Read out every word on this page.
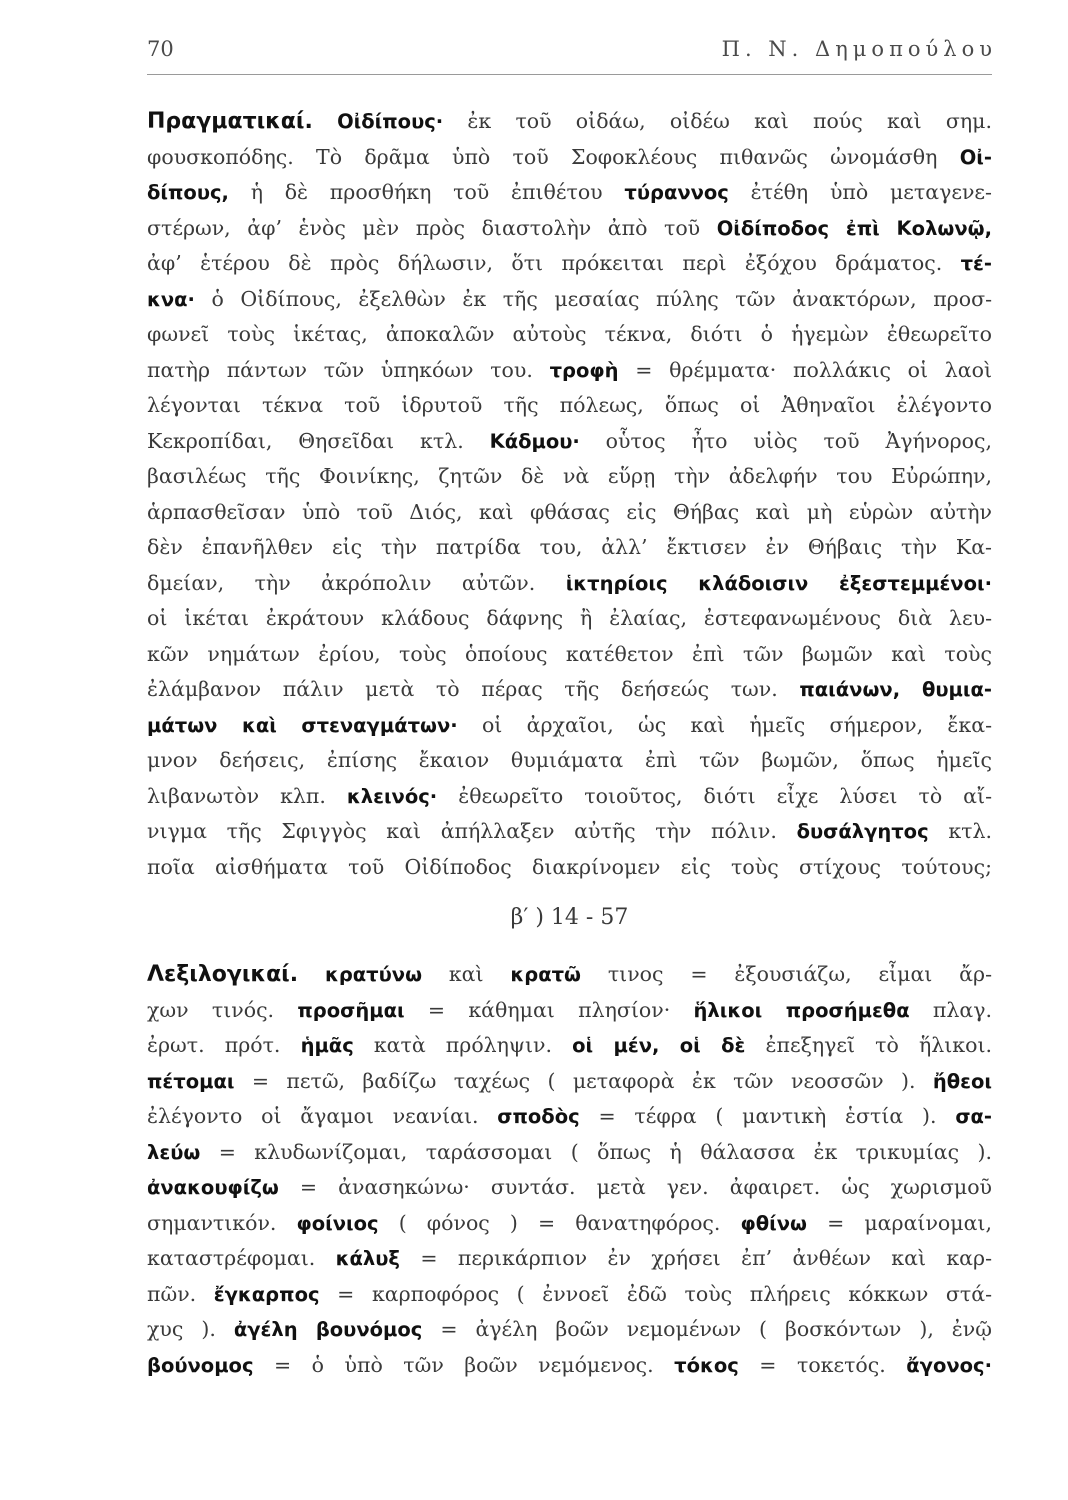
70	Π. Ν. Δημοπούλου
Πραγματικαί. Οἰδίπους· ἐκ τοῦ οἰδάω, οἰδέω καὶ πούς καὶ σημ.
φουσκοπόδης. Τὸ δρᾶμα ὑπὸ τοῦ Σοφοκλέους πιθανῶς ὠνομάσθη Οἰ-
δίπους, ἡ δὲ προσθήκη τοῦ ἐπιθέτου τύραννος ἐτέθη ὑπὸ μεταγενε-
στέρων, ἀφ’ ἑνὸς μὲν πρὸς διαστολὴν ἀπὸ τοῦ Οἰδίποδος ἐπὶ Κολωνῷ,
ἀφ’ ἑτέρου δὲ πρὸς δήλωσιν, ὅτι πρόκειται περὶ ἐξόχου δράματος. τέ-
κνα· ὁ Οἰδίπους, ἐξελθὼν ἐκ τῆς μεσαίας πύλης τῶν ἀνακτόρων, προσ-
φωνεῖ τοὺς ἱκέτας, ἀποκαλῶν αὐτοὺς τέκνα, διότι ὁ ἡγεμὼν ἐθεωρεῖτο
πατὴρ πάντων τῶν ὑπηκόων του. τροφὴ = θρέμματα· πολλάκις οἱ λαοὶ
λέγονται τέκνα τοῦ ἱδρυτοῦ τῆς πόλεως, ὅπως οἱ Ἀθηναῖοι ἐλέγοντο
Κεκροπίδαι, Θησεῖδαι κτλ. Κάδμου· οὗτος ἦτο υἱὸς τοῦ Ἀγήνορος,
βασιλέως τῆς Φοινίκης, ζητῶν δὲ νὰ εὕρῃ τὴν ἀδελφήν του Εὐρώπην,
ἁρπασθεῖσαν ὑπὸ τοῦ Διός, καὶ φθάσας εἰς Θήβας καὶ μὴ εὑρὼν αὐτὴν
δὲν ἐπανῆλθεν εἰς τὴν πατρίδα του, ἀλλ’ ἔκτισεν ἐν Θήβαις τὴν Κα-
δμείαν, τὴν ἀκρόπολιν αὐτῶν. ἱκτηρίοις κλάδοισιν ἐξεστεμμένοι·
οἱ ἱκέται ἐκράτουν κλάδους δάφνης ἢ ἐλαίας, ἐστεφανωμένους διὰ λευ-
κῶν νημάτων ἐρίου, τοὺς ὁποίους κατέθετον ἐπὶ τῶν βωμῶν καὶ τοὺς
ἐλάμβανον πάλιν μετὰ τὸ πέρας τῆς δεήσεώς των. παιάνων, θυμια-
μάτων καὶ στεναγμάτων· οἱ ἀρχαῖοι, ὡς καὶ ἡμεῖς σήμερον, ἔκα-
μνον δεήσεις, ἐπίσης ἔκαιον θυμιάματα ἐπὶ τῶν βωμῶν, ὅπως ἡμεῖς
λιβανωτὸν κλπ. κλεινός· ἐθεωρεῖτο τοιοῦτος, διότι εἶχε λύσει τὸ αἴ-
νιγμα τῆς Σφιγγὸς καὶ ἀπήλλαξεν αὐτῆς τὴν πόλιν. δυσάλγητος κτλ.
ποῖα αἰσθήματα τοῦ Οἰδίποδος διακρίνομεν εἰς τοὺς στίχους τούτους;
β′ ) 14 - 57
Λεξιλογικαί. κρατύνω καὶ κρατῶ τινος = ἐξουσιάζω, εἶμαι ἄρ-
χων τινός. προσῆμαι = κάθημαι πλησίον· ἥλικοι προσήμεθα πλαγ.
ἐρωτ. πρότ. ἡμᾶς κατὰ πρόληψιν. οἱ μέν, οἱ δὲ ἐπεξηγεῖ τὸ ἥλικοι.
πέτομαι = πετῶ, βαδίζω ταχέως ( μεταφορὰ ἐκ τῶν νεοσσῶν ). ἤθεοι
ἐλέγοντο οἱ ἄγαμοι νεανίαι. σποδὸς = τέφρα ( μαντικὴ ἑστία ). σα-
λεύω = κλυδωνίζομαι, ταράσσομαι ( ὅπως ἡ θάλασσα ἐκ τρικυμίας ).
ἀνακουφίζω = ἀνασηκώνω· συντάσ. μετὰ γεν. ἀφαιρετ. ὡς χωρισμοῦ
σημαντικόν. φοίνιος ( φόνος ) = θανατηφόρος. φθίνω = μαραίνομαι,
καταστρέφομαι. κάλυξ = περικάρπιον ἐν χρήσει ἐπ’ ἀνθέων καὶ καρ-
πῶν. ἔγκαρπος = καρποφόρος ( ἐννοεῖ ἐδῶ τοὺς πλήρεις κόκκων στά-
χυς ). ἀγέλη βουνόμος = ἀγέλη βοῶν νεμομένων ( βοσκόντων ), ἐνῷ
βούνομος = ὁ ὑπὸ τῶν βοῶν νεμόμενος. τόκος = τοκετός. ἄγονος·
